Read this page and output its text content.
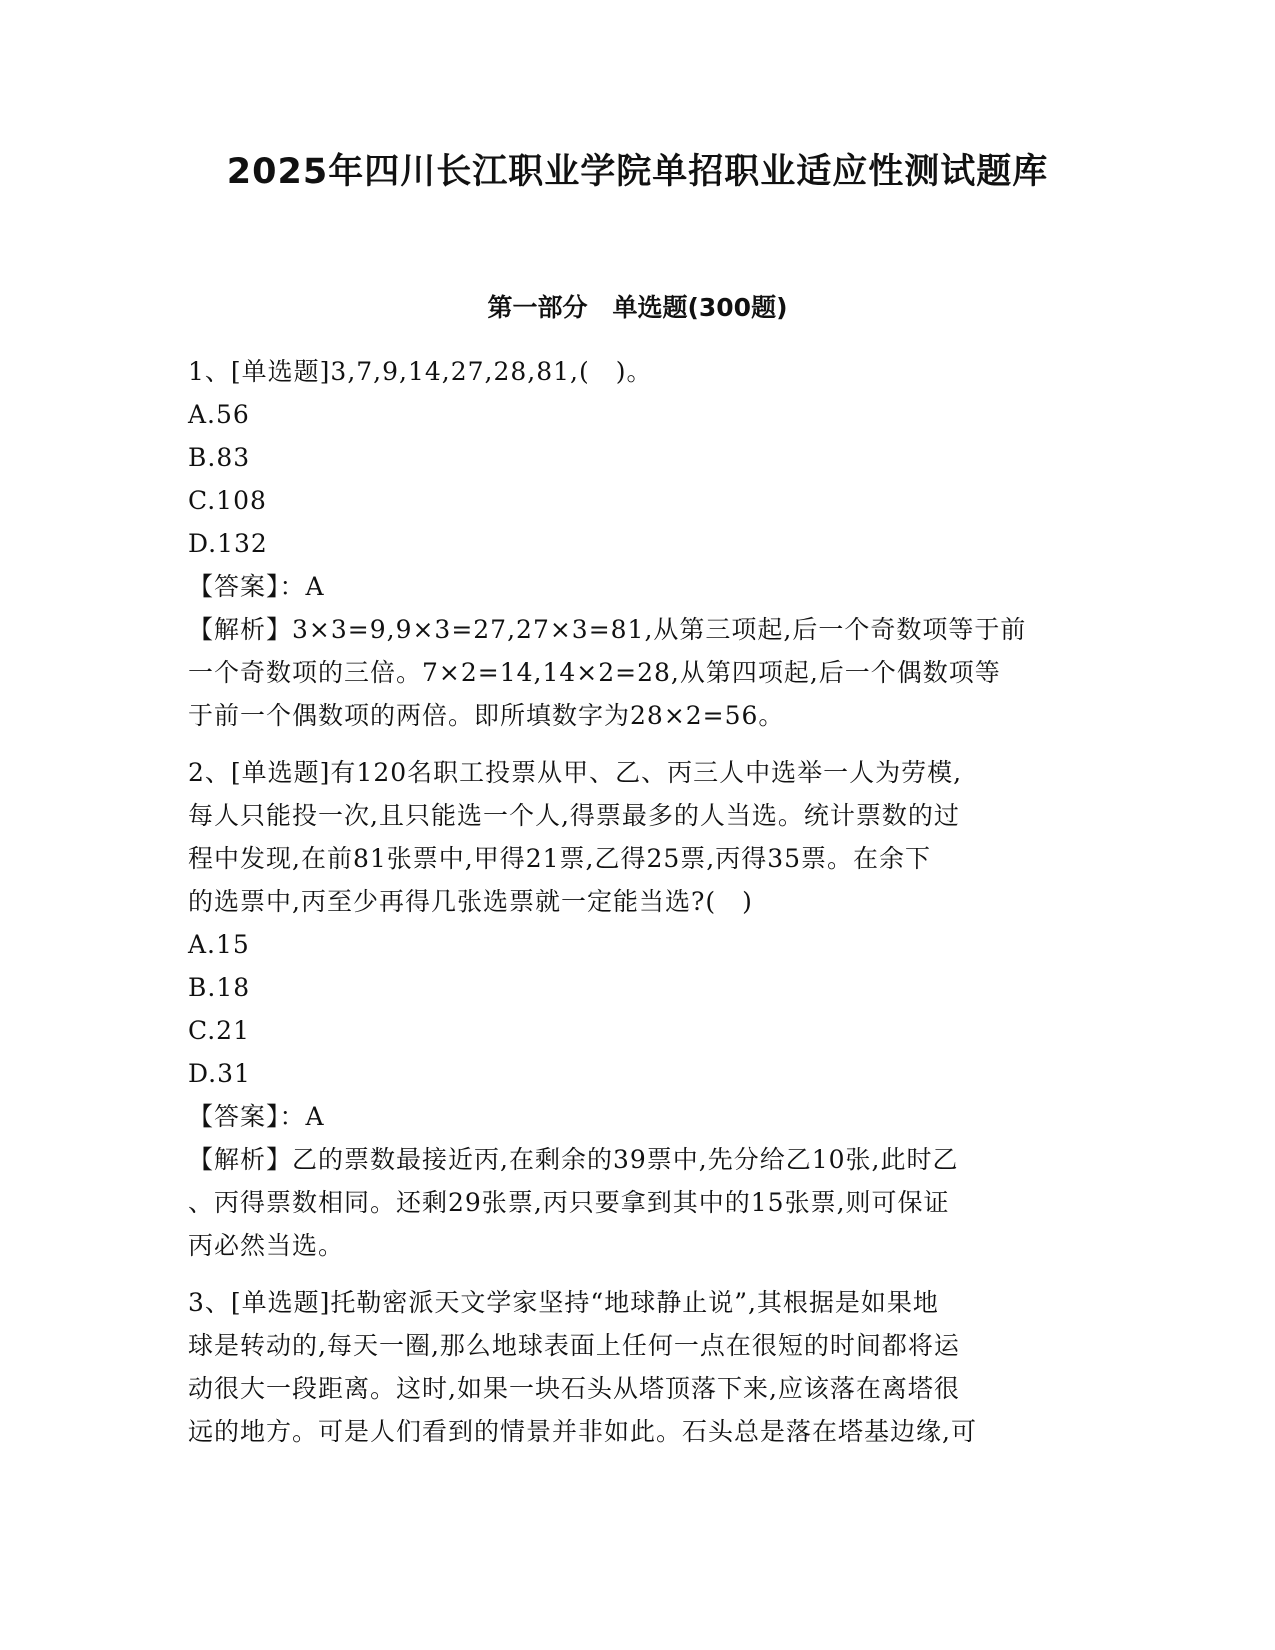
2025年四川长江职业学院单招职业适应性测试题库
第一部分　单选题(300题)
1、[单选题]3,7,9,14,27,28,81,(　)。
A.56
B.83
C.108
D.132
【答案】：A
【解析】3×3=9,9×3=27,27×3=81,从第三项起,后一个奇数项等于前
一个奇数项的三倍。7×2=14,14×2=28,从第四项起,后一个偶数项等
于前一个偶数项的两倍。即所填数字为28×2=56。
2、[单选题]有120名职工投票从甲、乙、丙三人中选举一人为劳模,
每人只能投一次,且只能选一个人,得票最多的人当选。统计票数的过
程中发现,在前81张票中,甲得21票,乙得25票,丙得35票。在余下
的选票中,丙至少再得几张选票就一定能当选?(　)
A.15
B.18
C.21
D.31
【答案】：A
【解析】乙的票数最接近丙,在剩余的39票中,先分给乙10张,此时乙
、丙得票数相同。还剩29张票,丙只要拿到其中的15张票,则可保证
丙必然当选。
3、[单选题]托勒密派天文学家坚持“地球静止说”,其根据是如果地
球是转动的,每天一圈,那么地球表面上任何一点在很短的时间都将运
动很大一段距离。这时,如果一块石头从塔顶落下来,应该落在离塔很
远的地方。可是人们看到的情景并非如此。石头总是落在塔基边缘,可
